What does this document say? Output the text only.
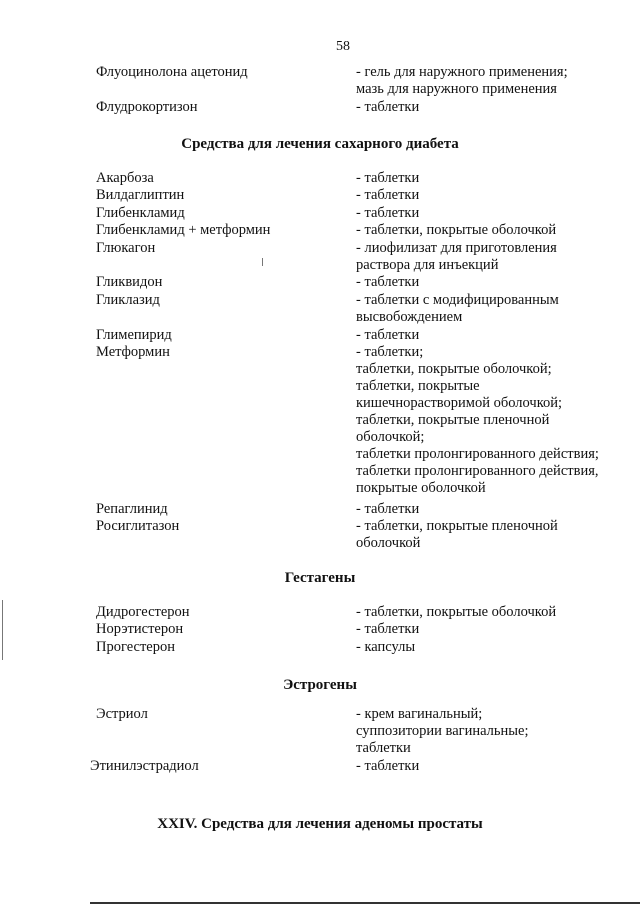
58
Флуоцинолона ацетонид	- гель для наружного применения;
мазь для наружного применения
Флудрокортизон	- таблетки
Средства для лечения сахарного диабета
Акарбоза	- таблетки
Вилдаглиптин	- таблетки
Глибенкламид	- таблетки
Глибенкламид + метформин	- таблетки, покрытые оболочкой
Глюкагон	- лиофилизат для приготовления
раствора для инъекций
Гликвидон	- таблетки
Гликлазид	- таблетки с модифицированным
высвобождением
Глимепирид	- таблетки
Метформин	- таблетки;
таблетки, покрытые оболочкой;
таблетки, покрытые
кишечнорастворимой оболочкой;
таблетки, покрытые пленочной
оболочкой;
таблетки пролонгированного действия;
таблетки пролонгированного действия,
покрытые оболочкой
Репаглинид	- таблетки
Росиглитазон	- таблетки, покрытые пленочной
оболочкой
Гестагены
Дидрогестерон	- таблетки, покрытые оболочкой
Норэтистерон	- таблетки
Прогестерон	- капсулы
Эстрогены
Эстриол	- крем вагинальный;
суппозитории вагинальные;
таблетки
Этинилэстрадиол	- таблетки
XXIV. Средства для лечения аденомы простаты
